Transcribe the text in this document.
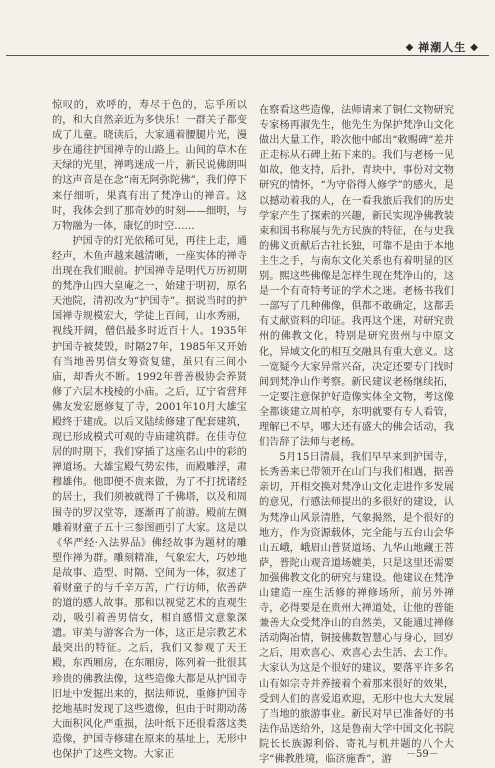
◆ 禅潮人生 ◆

惊叹的，欢呼的，寿尽于色的，忘乎所以的，和大自然亲近为多快乐！一群关子都变成了儿童。晓读后，大家通着腰腿片光，漫步在通往护国禅寺的山路上。山间的草木在天绿的光里，禅鸣迷成一片，新民说佛朗叫的这声音是在念“南无阿弥陀佛”，我们停下来仔细听，果真有出了梵净山的禅音。这时，我体会到了那奇妙的时刻——细明，与万物融为一体，康忆的时空……

护国寺的灯光依稀可见，再往上走，通经声，木鱼声越来越清晰，一座实体的禅寺出现在我们眼前。护国禅寺是明代万历初期的梵净山四大皇庵之一，始建于明初，原名天池院，清初改为“护国寺”。据说当时的护国禅寺规模宏大，学徒上百间，山水秀丽，视线开阔，僧侣最多时近百十人。1935年护国寺被焚毁，时隔27年，1985年又开始有当地善男信女筹资复建，虽只有三间小庙，却香火不断。1992年普善极协会养贤修了六层木栈棱的小庙。之后，辽宁省营拜佛友发宏愿修复了寺，2001年10月大雄宝殿终于建成。以后又陆续修建了配套建筑，现已形成模式可观的寺庙建筑群。在佳寺位居的时期下，我们穿插了这座名山中的彩的禅道场。大雄宝殿气势宏伟，而殿雕浮，肃穆雄伟。他即便不贵来做，为了不打扰诸经的居士，我们须被就得了千佛塔，以及和周围寺的罗汉堂等，逐渐再了前游。殿前左侧雕着财童子五十三参图画引了大家。这是以《华严经·入法界品》佛经故事为题材的雕塑作禅为群。雕刻精准，气象宏大，巧妙地是故事、造型、时隔、空间为一体，叙述了着财童子的与千辛万苦，广行访师，依善萨的道的感人故事。那和以视觉艺术的直观生动，吸引着善男信女，相自感惜文意象深遗。审美与游客合为一体，这正是宗教艺术最突出的特征。之后，我们又参观了天王殿，东西厢房，在东厢房，陈列着一批很其珍贵的佛教法像，这些造像大都是从护国寺旧址中发掘出来的，据法师说，重修护国寺挖地基时发现了这些遗像，但由于时期动荡大面积风化严重损，法叶纸下还很看落这类造像，护国寺修建在原来的基址上，无形中也保护了这些文物。大家正

在察看这些造像，法师请来了铜仁文物研究专家杨再淑先生，他先生为保护梵净山文化做出大量工作，聆次他中邮出“敕赐碑”差并正走标从石碑上拓下来的。我们与老杨一见如故，他支持，后扑，青块中，事份对文物研究的情怀，“为守俗得人修学”的感火，是以撼动着我的人，在一看我旅后我们的历史学家产生了探索的兴趣，新民实现净佛教装束和国书称展与先方民族的特征，在与史我的佛义贡献后古社长独，可靠不是由于本地主生之手，与南东文化关系也有着明显的区别。熙这些佛像是怎样生现在梵净山的，这是一个有奇特考证的学术之迷。老杨书我们一部写了几种佛像，俱都不敢确定，这都丢有丈献资料的印证。我再这个迷，对研究贵州的佛教文化，特别是研究贵州与中原文化，异域文化的相互交融具有重大意义。这一宽疑今大家异常兴奋，决定还要专门找时间到梵净山作考察。新民建议老杨继续拓，一定要注意保护好造像实体全文物，考这像全都谈建立周柏亭，东明就要有专人看管，理解已不早，哪大还有盛大的佛会话动，我们告辞了法师与老杨。

5月15日清晨，我们早早来到护国寺，长秀善来已带领开在山门与我们相遇，据善亲切，开相交换对梵净山文化走进作多发展的意见，行感法师提出的多很好的建设，认为梵净山风景清胜，气象揭然，是个很好的地方，作为资源载体，完全能与五台山会华山五峨，峨眉山普贤道场、九华山地藏王菩萨，普陀山观音道场媲美，只是这里还需要加强佛教文化的研究与建设。他建议在梵净山建造一座生活修的禅修场所，前另外禅寺，必得要是在贵州大禅道处，让他的普能兼善大众受梵净山的自然美，又能通过禅修活动陶冶情，铜接佛数智慧心与身心，回岁之后，用欢喜心、欢喜心去生活、去工作。大家认为这是个很好的建议，要落平许多名山有如宗寺并养接着个着那来很好的效果，受到人们的喜爱追欢迎，无形中也大大发展了当地的旅游事业。新民对早已准备好的书法作品送给外，这是鲁南大学中国文化书院院长长族源利俗、寄礼与机并题的八个大字“佛教胜境，临济施香”，游	－59－
